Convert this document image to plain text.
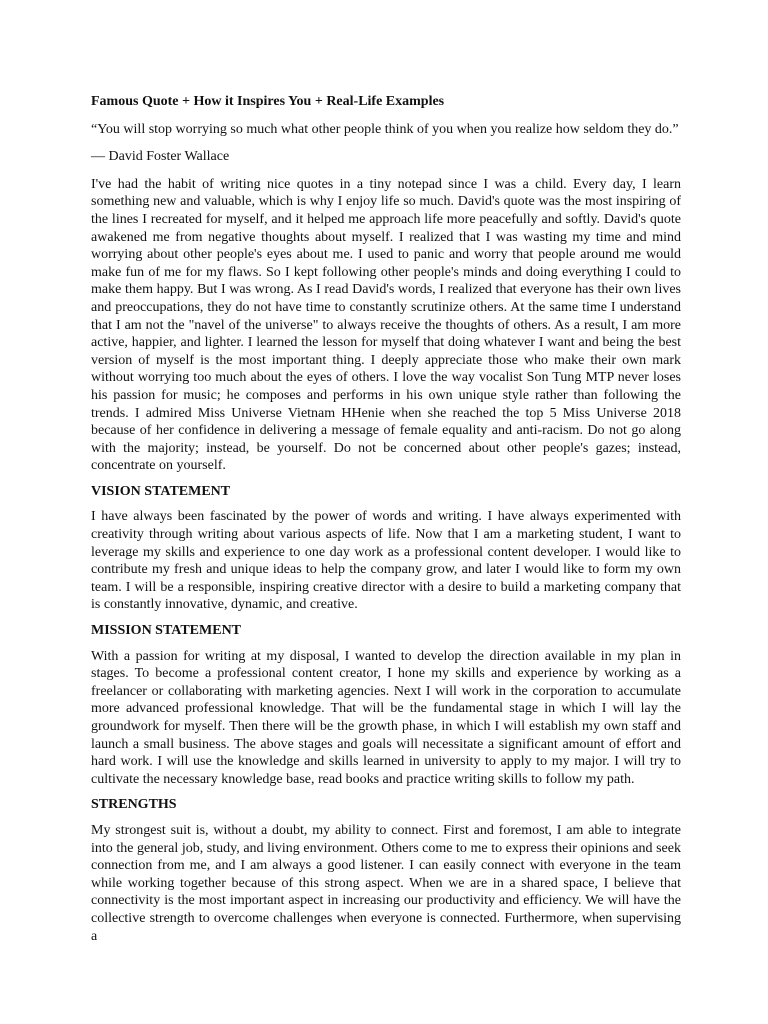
Famous Quote + How it Inspires You + Real-Life Examples
“You will stop worrying so much what other people think of you when you realize how seldom they do.”
— David Foster Wallace
I've had the habit of writing nice quotes in a tiny notepad since I was a child. Every day, I learn something new and valuable, which is why I enjoy life so much. David's quote was the most inspiring of the lines I recreated for myself, and it helped me approach life more peacefully and softly. David's quote awakened me from negative thoughts about myself. I realized that I was wasting my time and mind worrying about other people's eyes about me. I used to panic and worry that people around me would make fun of me for my flaws. So I kept following other people's minds and doing everything I could to make them happy. But I was wrong. As I read David's words, I realized that everyone has their own lives and preoccupations, they do not have time to constantly scrutinize others. At the same time I understand that I am not the "navel of the universe" to always receive the thoughts of others. As a result, I am more active, happier, and lighter. I learned the lesson for myself that doing whatever I want and being the best version of myself is the most important thing. I deeply appreciate those who make their own mark without worrying too much about the eyes of others. I love the way vocalist Son Tung MTP never loses his passion for music; he composes and performs in his own unique style rather than following the trends. I admired Miss Universe Vietnam HHenie when she reached the top 5 Miss Universe 2018 because of her confidence in delivering a message of female equality and anti-racism. Do not go along with the majority; instead, be yourself. Do not be concerned about other people's gazes; instead, concentrate on yourself.
VISION STATEMENT
I have always been fascinated by the power of words and writing. I have always experimented with creativity through writing about various aspects of life. Now that I am a marketing student, I want to leverage my skills and experience to one day work as a professional content developer. I would like to contribute my fresh and unique ideas to help the company grow, and later I would like to form my own team. I will be a responsible, inspiring creative director with a desire to build a marketing company that is constantly innovative, dynamic, and creative.
MISSION STATEMENT
With a passion for writing at my disposal, I wanted to develop the direction available in my plan in stages. To become a professional content creator, I hone my skills and experience by working as a freelancer or collaborating with marketing agencies. Next I will work in the corporation to accumulate more advanced professional knowledge. That will be the fundamental stage in which I will lay the groundwork for myself. Then there will be the growth phase, in which I will establish my own staff and launch a small business. The above stages and goals will necessitate a significant amount of effort and hard work. I will use the knowledge and skills learned in university to apply to my major. I will try to cultivate the necessary knowledge base, read books and practice writing skills to follow my path.
STRENGTHS
My strongest suit is, without a doubt, my ability to connect. First and foremost, I am able to integrate into the general job, study, and living environment. Others come to me to express their opinions and seek connection from me, and I am always a good listener. I can easily connect with everyone in the team while working together because of this strong aspect. When we are in a shared space, I believe that connectivity is the most important aspect in increasing our productivity and efficiency. We will have the collective strength to overcome challenges when everyone is connected. Furthermore, when supervising a
